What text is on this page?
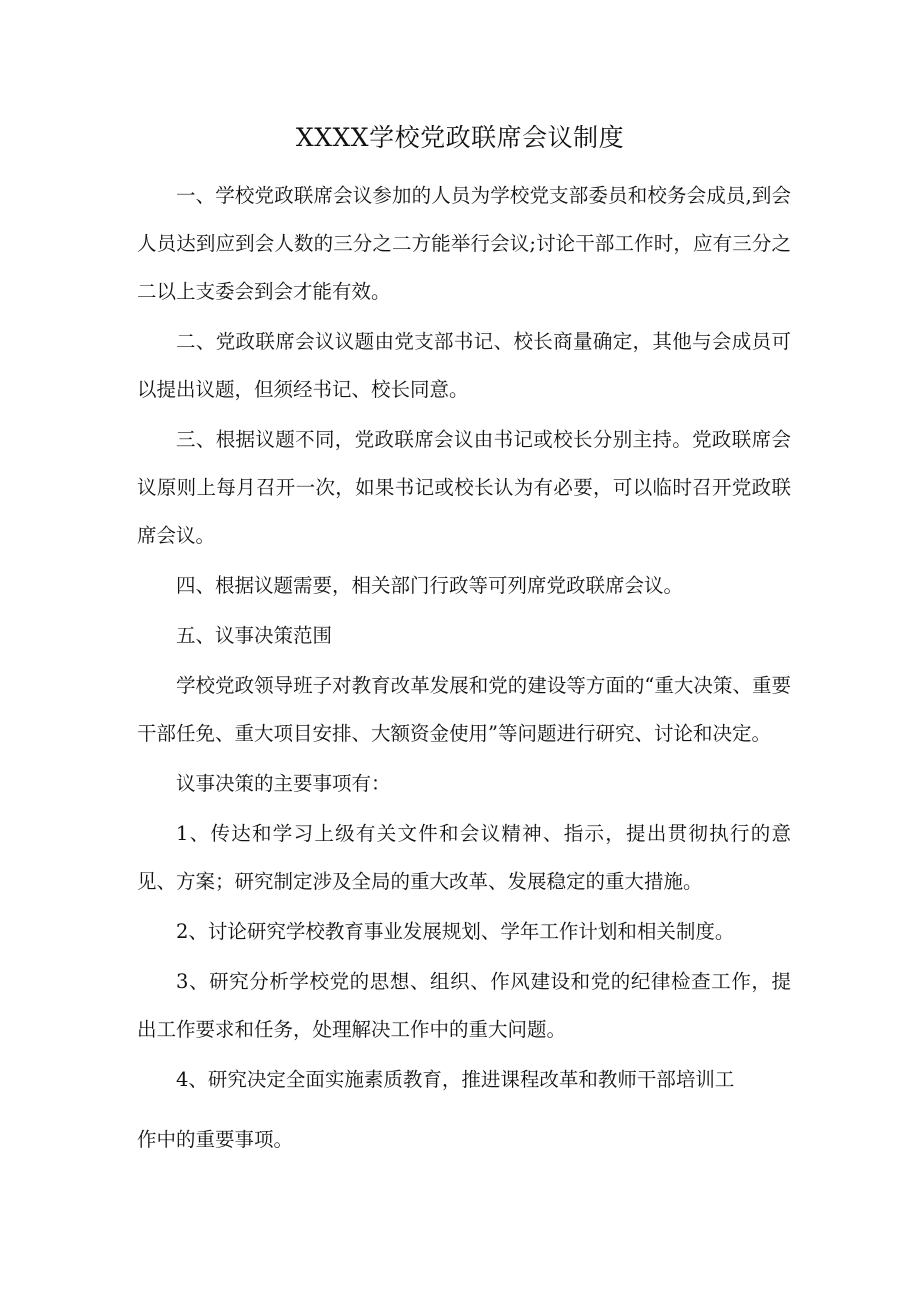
XXXX学校党政联席会议制度

一、学校党政联席会议参加的人员为学校党支部委员和校务会成员,到会人员达到应到会人数的三分之二方能举行会议;讨论干部工作时，应有三分之二以上支委会到会才能有效。

二、党政联席会议议题由党支部书记、校长商量确定，其他与会成员可以提出议题，但须经书记、校长同意。

三、根据议题不同，党政联席会议由书记或校长分别主持。党政联席会议原则上每月召开一次，如果书记或校长认为有必要，可以临时召开党政联席会议。

四、根据议题需要，相关部门行政等可列席党政联席会议。

五、议事决策范围

学校党政领导班子对教育改革发展和党的建设等方面的“重大决策、重要干部任免、重大项目安排、大额资金使用”等问题进行研究、讨论和决定。

议事决策的主要事项有：

1、传达和学习上级有关文件和会议精神、指示，提出贯彻执行的意见、方案；研究制定涉及全局的重大改革、发展稳定的重大措施。

2、讨论研究学校教育事业发展规划、学年工作计划和相关制度。

3、研究分析学校党的思想、组织、作风建设和党的纪律检查工作，提出工作要求和任务，处理解决工作中的重大问题。

4、研究决定全面实施素质教育，推进课程改革和教师干部培训工

作中的重要事项。
